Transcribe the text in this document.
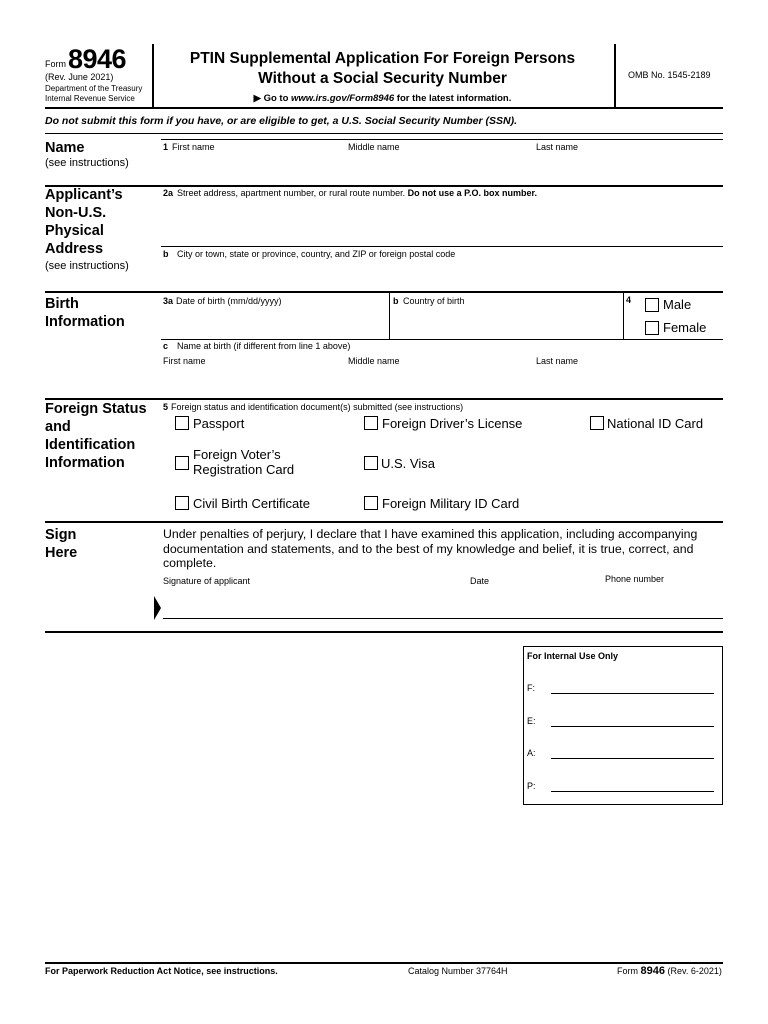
Form 8946
(Rev. June 2021)
Department of the Treasury
Internal Revenue Service
PTIN Supplemental Application For Foreign Persons
Without a Social Security Number
▶ Go to www.irs.gov/Form8946 for the latest information.
OMB No. 1545-2189
Do not submit this form if you have, or are eligible to get, a U.S. Social Security Number (SSN).
Name
(see instructions)
1 First name	Middle name	Last name
Applicant’s
Non-U.S.
Physical
Address
(see instructions)
2a Street address, apartment number, or rural route number. Do not use a P.O. box number.
b City or town, state or province, country, and ZIP or foreign postal code
Birth
Information
3a Date of birth (mm/dd/yyyy)	b Country of birth	4 Male
Female
c Name at birth (if different from line 1 above)
First name	Middle name	Last name
Foreign Status
and
Identification
Information
5 Foreign status and identification document(s) submitted (see instructions)
Passport	Foreign Driver’s License	National ID Card
Foreign Voter’s
Registration Card	U.S. Visa
Civil Birth Certificate	Foreign Military ID Card
Sign
Here
Under penalties of perjury, I declare that I have examined this application, including accompanying
documentation and statements, and to the best of my knowledge and belief, it is true, correct, and
complete.
Signature of applicant	Date	Phone number
For Internal Use Only
F:
E:
A:
P:
For Paperwork Reduction Act Notice, see instructions.	Catalog Number 37764H	Form 8946 (Rev. 6-2021)
